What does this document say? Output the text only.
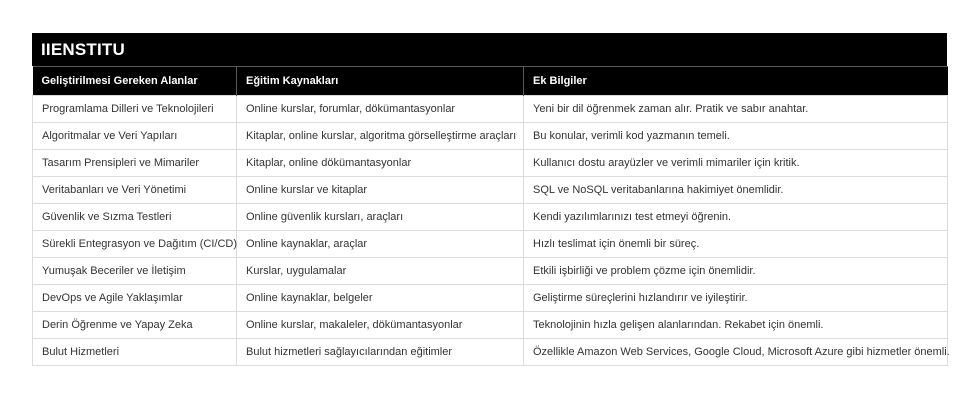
IIENSTITU
Geliştirilmesi Gereken Alanlar	Eğitim Kaynakları	Ek Bilgiler
Programlama Dilleri ve Teknolojileri	Online kurslar, forumlar, dökümantasyonlar	Yeni bir dil öğrenmek zaman alır. Pratik ve sabır anahtar.
Algoritmalar ve Veri Yapıları	Kitaplar, online kurslar, algoritma görselleştirme araçları	Bu konular, verimli kod yazmanın temeli.
Tasarım Prensipleri ve Mimariler	Kitaplar, online dökümantasyonlar	Kullanıcı dostu arayüzler ve verimli mimariler için kritik.
Veritabanları ve Veri Yönetimi	Online kurslar ve kitaplar	SQL ve NoSQL veritabanlarına hakimiyet önemlidir.
Güvenlik ve Sızma Testleri	Online güvenlik kursları, araçları	Kendi yazılımlarınızı test etmeyi öğrenin.
Sürekli Entegrasyon ve Dağıtım (CI/CD)	Online kaynaklar, araçlar	Hızlı teslimat için önemli bir süreç.
Yumuşak Beceriler ve İletişim	Kurslar, uygulamalar	Etkili işbirliği ve problem çözme için önemlidir.
DevOps ve Agile Yaklaşımlar	Online kaynaklar, belgeler	Geliştirme süreçlerini hızlandırır ve iyileştirir.
Derin Öğrenme ve Yapay Zeka	Online kurslar, makaleler, dökümantasyonlar	Teknolojinin hızla gelişen alanlarından. Rekabet için önemli.
Bulut Hizmetleri	Bulut hizmetleri sağlayıcılarından eğitimler	Özellikle Amazon Web Services, Google Cloud, Microsoft Azure gibi hizmetler önemli.
